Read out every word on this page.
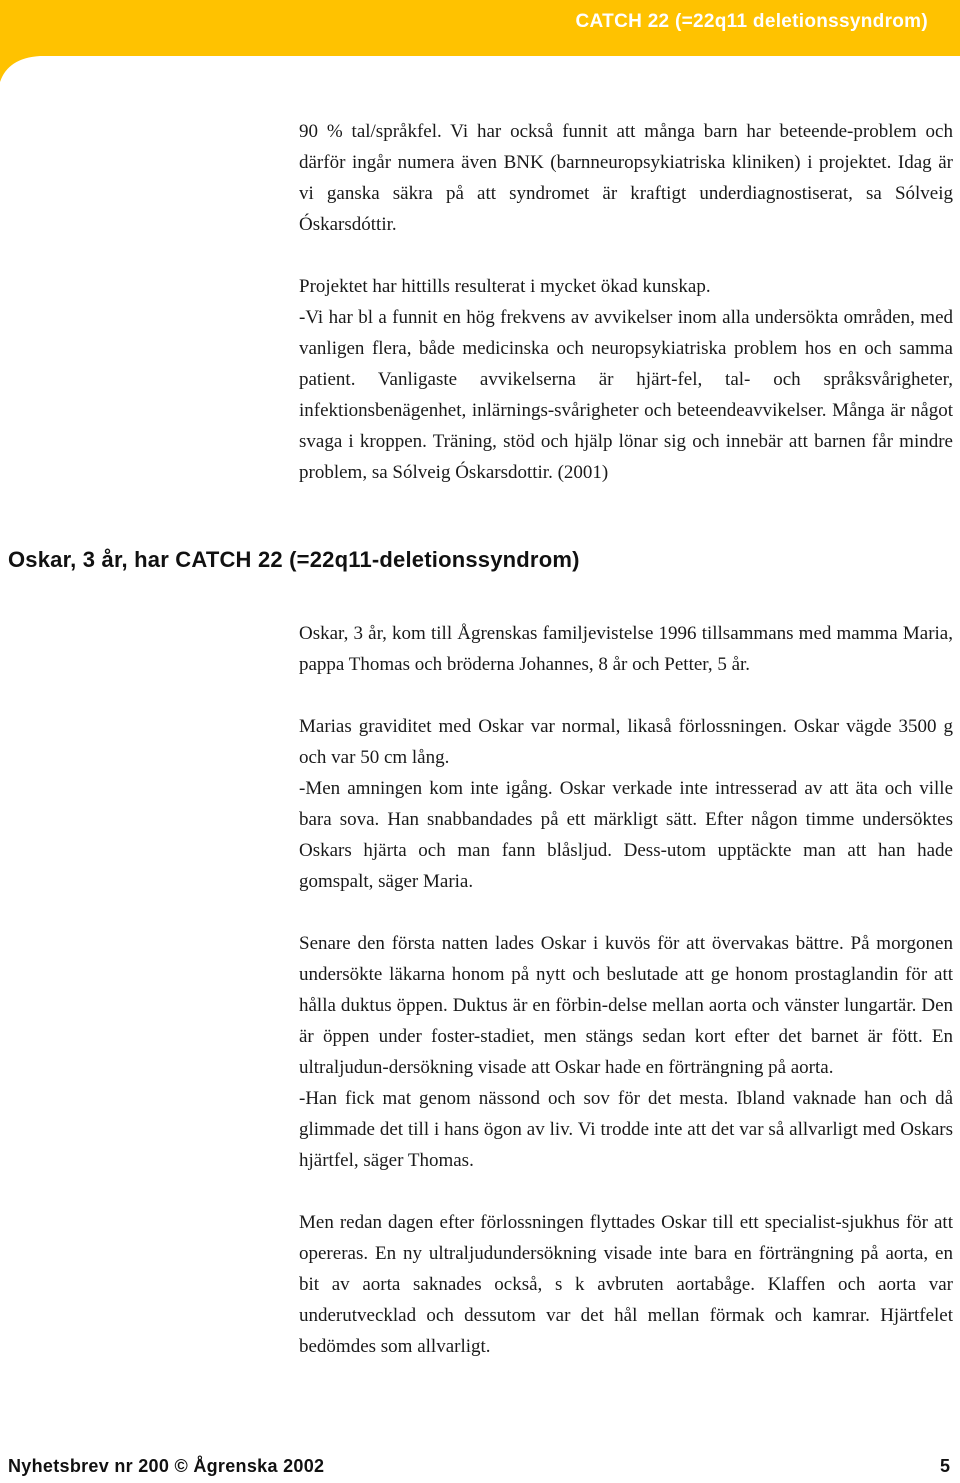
CATCH 22 (=22q11 deletionssyndrom)

90 % tal/språkfel. Vi har också funnit att många barn har beteende-problem och därför ingår numera även BNK (barnneuropsykiatriska kliniken) i projektet. Idag är vi ganska säkra på att syndromet är kraftigt underdiagnostiserat, sa Sólveig Óskarsdóttir.

Projektet har hittills resulterat i mycket ökad kunskap.

-Vi har bl a funnit en hög frekvens av avvikelser inom alla undersökta områden, med vanligen flera, både medicinska och neuropsykiatriska problem hos en och samma patient. Vanligaste avvikelserna är hjärt-fel, tal- och språksvårigheter, infektionsbenägenhet, inlärnings-svårigheter och beteendeavvikelser. Många är något svaga i kroppen. Träning, stöd och hjälp lönar sig och innebär att barnen får mindre problem, sa Sólveig Óskarsdottir. (2001)

Oskar, 3 år, har CATCH 22 (=22q11-deletionssyndrom)

Oskar, 3 år, kom till Ågrenskas familjevistelse 1996 tillsammans med mamma Maria, pappa Thomas och bröderna Johannes, 8 år och Petter, 5 år.

Marias graviditet med Oskar var normal, likaså förlossningen. Oskar vägde 3500 g och var 50 cm lång.

-Men amningen kom inte igång. Oskar verkade inte intresserad av att äta och ville bara sova. Han snabbandades på ett märkligt sätt. Efter någon timme undersöktes Oskars hjärta och man fann blåsljud. Dess-utom upptäckte man att han hade gomspalt, säger Maria.

Senare den första natten lades Oskar i kuvös för att övervakas bättre. På morgonen undersökte läkarna honom på nytt och beslutade att ge honom prostaglandin för att hålla duktus öppen. Duktus är en förbin-delse mellan aorta och vänster lungartär. Den är öppen under foster-stadiet, men stängs sedan kort efter det barnet är fött. En ultraljudun-dersökning visade att Oskar hade en förträngning på aorta.

-Han fick mat genom nässond och sov för det mesta. Ibland vaknade han och då glimmade det till i hans ögon av liv. Vi trodde inte att det var så allvarligt med Oskars hjärtfel, säger Thomas.

Men redan dagen efter förlossningen flyttades Oskar till ett specialist-sjukhus för att opereras. En ny ultraljudundersökning visade inte bara en förträngning på aorta, en bit av aorta saknades också, s k avbruten aortabåge. Klaffen och aorta var underutvecklad och dessutom var det hål mellan förmak och kamrar. Hjärtfelet bedömdes som allvarligt.

Nyhetsbrev nr 200 © Ågrenska 2002	5
